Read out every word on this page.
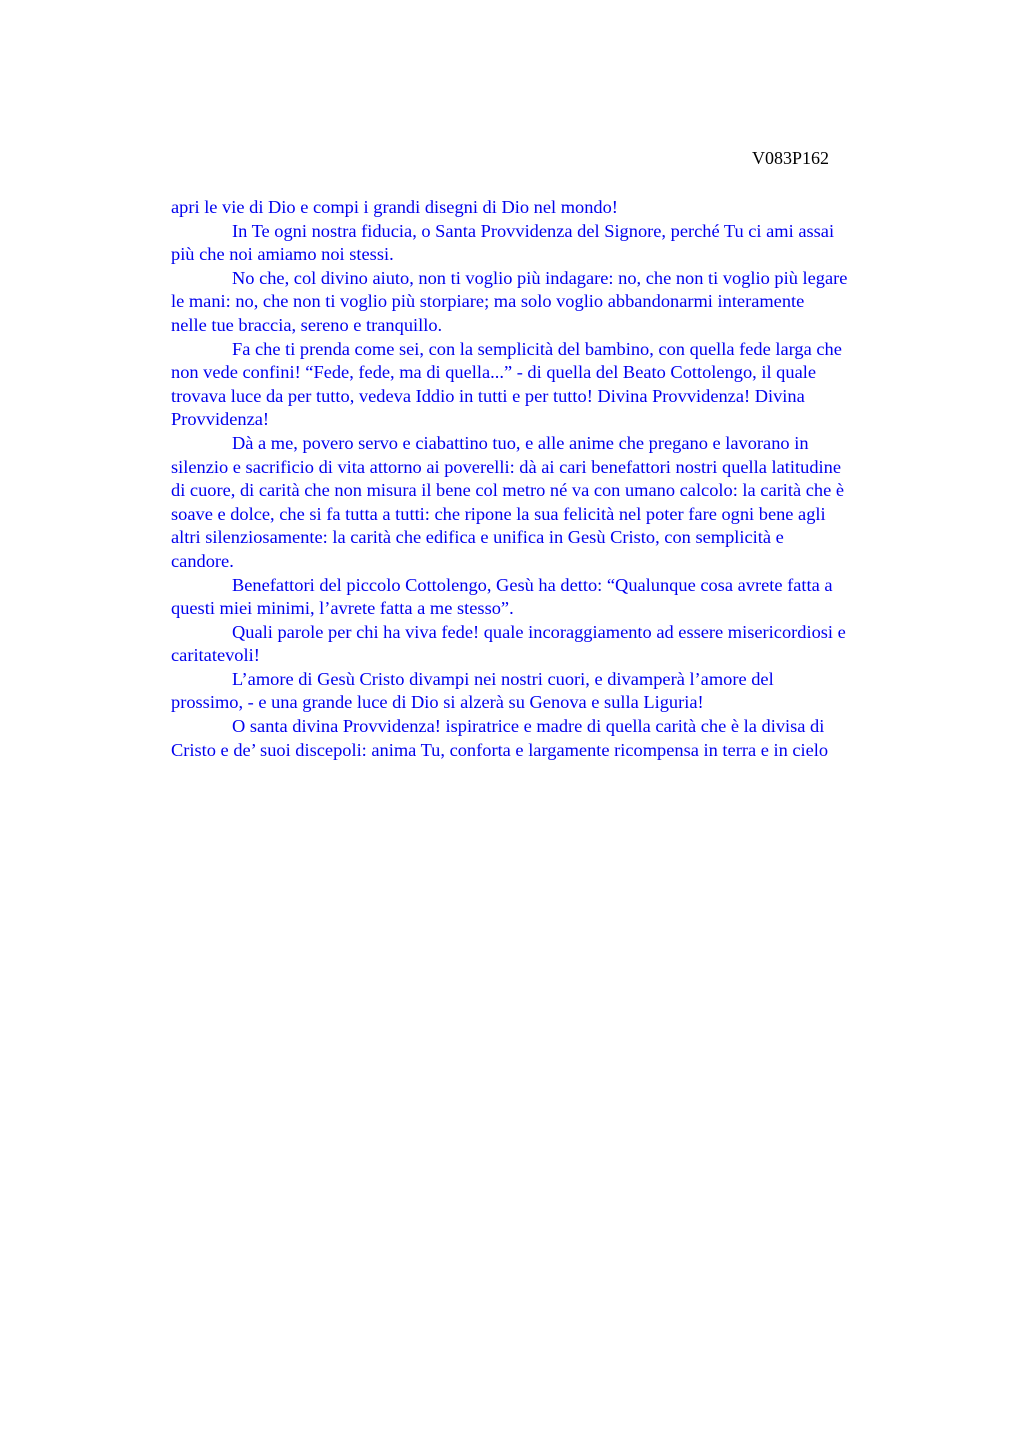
V083P162
apri le vie di Dio e compi i grandi disegni di Dio nel mondo!
In Te ogni nostra fiducia, o Santa Provvidenza del Signore, perché Tu ci ami assai
più che noi amiamo noi stessi.
No che, col divino aiuto, non ti voglio più indagare: no, che non ti voglio più legare
le mani: no, che non ti voglio più storpiare; ma solo voglio abbandonarmi interamente
nelle tue braccia, sereno e tranquillo.
Fa che ti prenda come sei, con la semplicità del bambino, con quella fede larga che
non vede confini! “Fede, fede, ma di quella...” - di quella del Beato Cottolengo, il quale
trovava luce da per tutto, vedeva Iddio in tutti e per tutto! Divina Provvidenza! Divina
Provvidenza!
Dà a me, povero servo e ciabattino tuo, e alle anime che pregano e lavorano in
silenzio e sacrificio di vita attorno ai poverelli: dà ai cari benefattori nostri quella latitudine
di cuore, di carità che non misura il bene col metro né va con umano calcolo: la carità che è
soave e dolce, che si fa tutta a tutti: che ripone la sua felicità nel poter fare ogni bene agli
altri silenziosamente: la carità che edifica e unifica in Gesù Cristo, con semplicità e
candore.
Benefattori del piccolo Cottolengo, Gesù ha detto: “Qualunque cosa avrete fatta a
questi miei minimi, l’avrete fatta a me stesso”.
Quali parole per chi ha viva fede! quale incoraggiamento ad essere misericordiosi e
caritatevoli!
L’amore di Gesù Cristo divampi nei nostri cuori, e divamperà l’amore del
prossimo, - e una grande luce di Dio si alzerà su Genova e sulla Liguria!
O santa divina Provvidenza! ispiratrice e madre di quella carità che è la divisa di
Cristo e de’ suoi discepoli: anima Tu, conforta e largamente ricompensa in terra e in cielo
